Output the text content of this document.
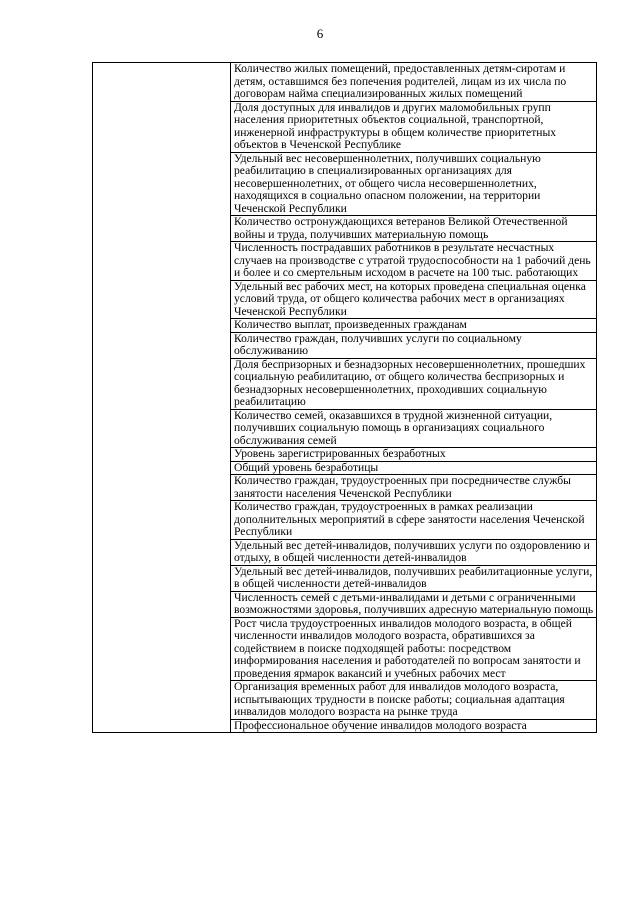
6
	Количество жилых помещений, предоставленных детям-сиротам и детям, оставшимся без попечения родителей, лицам из их числа по договорам найма специализированных жилых помещений
Доля доступных для инвалидов и других маломобильных групп населения приоритетных объектов социальной, транспортной, инженерной инфраструктуры в общем количестве приоритетных объектов в Чеченской Республике
Удельный вес несовершеннолетних, получивших социальную реабилитацию в специализированных организациях для несовершеннолетних, от общего числа несовершеннолетних, находящихся в социально опасном положении, на территории Чеченской Республики
Количество остронуждающихся ветеранов Великой Отечественной войны и труда, получивших материальную помощь
Численность пострадавших работников в результате несчастных случаев на производстве с утратой трудоспособности на 1 рабочий день и более и со смертельным исходом в расчете на 100 тыс. работающих
Удельный вес рабочих мест, на которых проведена специальная оценка условий труда, от общего количества рабочих мест в организациях Чеченской Республики
Количество выплат, произведенных гражданам
Количество граждан, получивших услуги по социальному обслуживанию
Доля беспризорных и безнадзорных несовершеннолетних, прошедших социальную реабилитацию, от общего количества беспризорных и безнадзорных несовершеннолетних, проходивших социальную реабилитацию
Количество семей, оказавшихся в трудной жизненной ситуации, получивших социальную помощь в организациях социального обслуживания семей
Уровень зарегистрированных безработных
Общий уровень безработицы
Количество граждан, трудоустроенных при посредничестве службы занятости населения Чеченской Республики
Количество граждан, трудоустроенных в рамках реализации дополнительных мероприятий в сфере занятости населения Чеченской Республики
Удельный вес детей-инвалидов, получивших услуги по оздоровлению и отдыху, в общей численности детей-инвалидов
Удельный вес детей-инвалидов, получивших реабилитационные услуги, в общей численности детей-инвалидов
Численность семей с детьми-инвалидами и детьми с ограниченными возможностями здоровья, получивших адресную материальную помощь
Рост числа трудоустроенных инвалидов молодого возраста, в общей численности инвалидов молодого возраста, обратившихся за содействием в поиске подходящей работы: посредством информирования населения и работодателей по вопросам занятости и проведения ярмарок вакансий и учебных рабочих мест
Организация временных работ для инвалидов молодого возраста, испытывающих трудности в поиске работы; социальная адаптация инвалидов молодого возраста на рынке труда
Профессиональное обучение инвалидов молодого возраста
